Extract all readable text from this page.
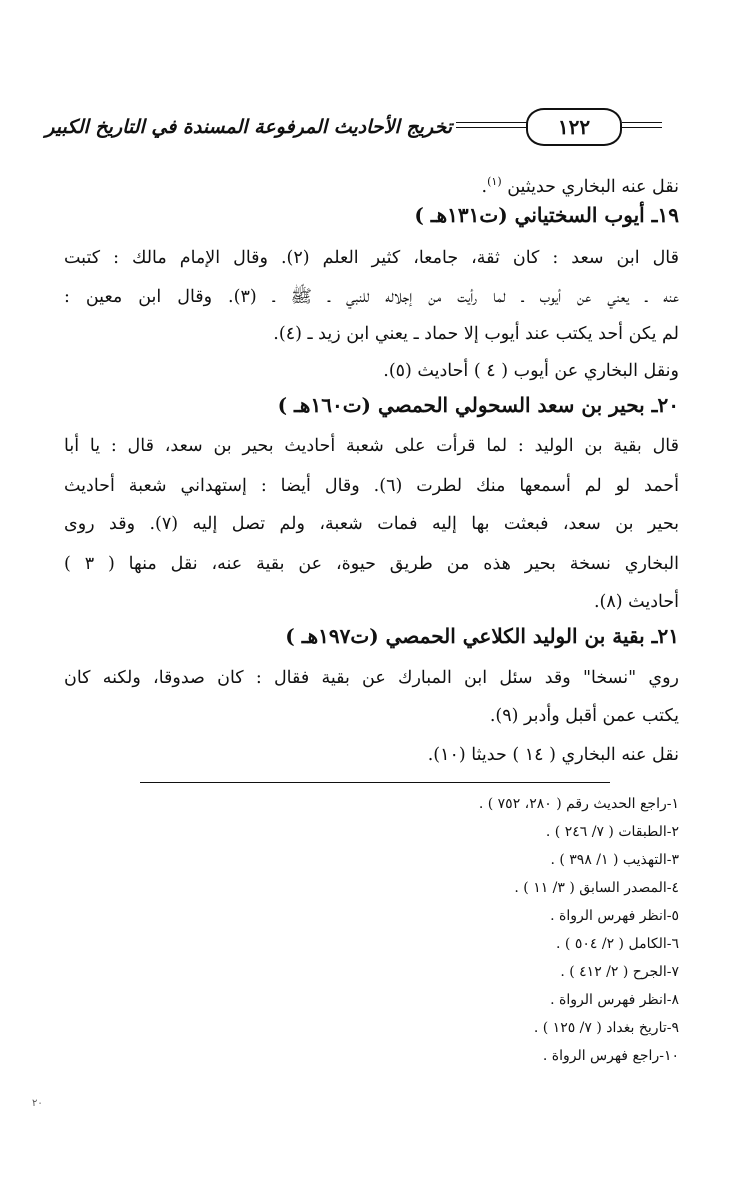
١٢٢
تخريج الأحاديث المرفوعة المسندة في التاريخ الكبير
نقل عنه البخاري حديثين $^{(١)}$.
١٩ـ أيوب السختياني (ت١٣١هـ )
قال ابن سعد : كان ثقة، جامعا، كثير العلم (٢). وقال الإمام مالك : كتبت
عنه ـ يعني عن أيوب ـ لما رأيت من إجلاله للنبي ـ ﷺ ـ (٣). وقال ابن معين :
لم يكن أحد يكتب عند أيوب إلا حماد ـ يعني ابن زيد ـ (٤).
ونقل البخاري عن أيوب ( ٤ ) أحاديث (٥).
٢٠ـ بحير بن سعد السحولي الحمصي (ت١٦٠هـ )
قال بقية بن الوليد : لما قرأت على شعبة أحاديث بحير بن سعد، قال : يا أبا
أحمد لو لم أسمعها منك لطرت (٦). وقال أيضا : إستهداني شعبة أحاديث
بحير بن سعد، فبعثت بها إليه فمات شعبة، ولم تصل إليه (٧). وقد روى
البخاري نسخة بحير هذه من طريق حيوة، عن بقية عنه، نقل منها ( ٣ )
أحاديث (٨).
٢١ـ بقية بن الوليد الكلاعي الحمصي (ت١٩٧هـ )
روي "نسخا" وقد سئل ابن المبارك عن بقية فقال : كان صدوقا، ولكنه كان
يكتب عمن أقبل وأدبر (٩).
نقل عنه البخاري ( ١٤ ) حديثا (١٠).
١-راجع الحديث رقم ( ٢٨٠، ٧٥٢ ) .
٢-الطبقات ( ٧/ ٢٤٦ ) .
٣-التهذيب ( ١/ ٣٩٨ ) .
٤-المصدر السابق ( ٣/ ١١ ) .
٥-انظر فهرس الرواة .
٦-الكامل ( ٢/ ٥٠٤ ) .
٧-الجرح ( ٢/ ٤١٢ ) .
٨-انظر فهرس الرواة .
٩-تاريخ بغداد ( ٧/ ١٢٥ ) .
١٠-راجع فهرس الرواة .
٢٠
